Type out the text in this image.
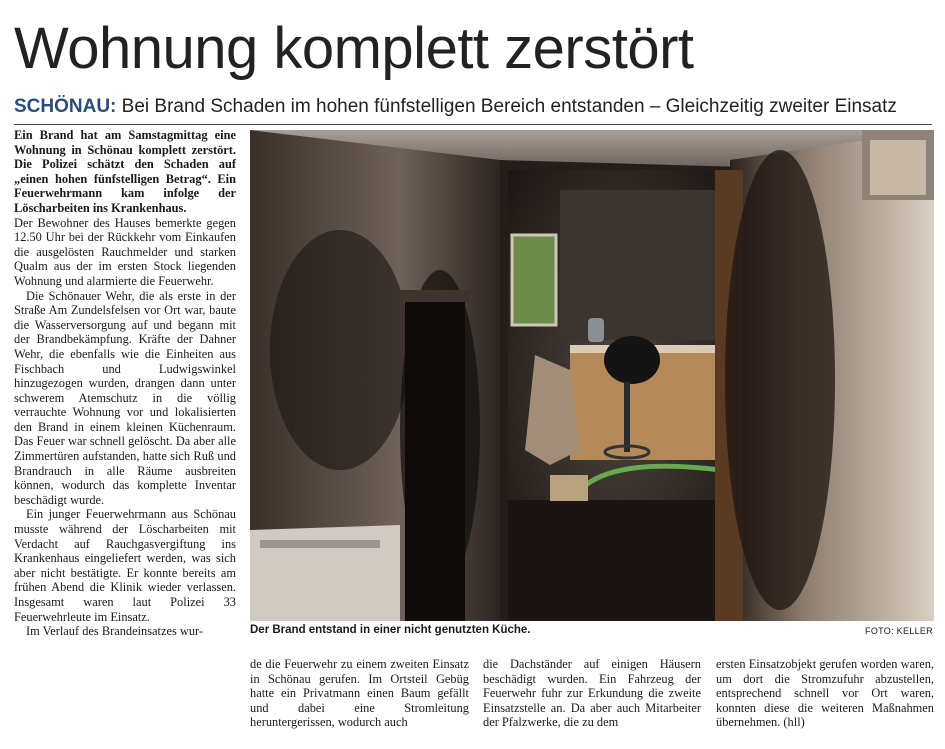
Wohnung komplett zerstört
SCHÖNAU: Bei Brand Schaden im hohen fünfstelligen Bereich entstanden – Gleichzeitig zweiter Einsatz

Ein Brand hat am Samstagmittag eine Wohnung in Schönau komplett zerstört. Die Polizei schätzt den Schaden auf „einen hohen fünfstelligen Betrag“. Ein Feuerwehrmann kam infolge der Löscharbeiten ins Krankenhaus.

Der Bewohner des Hauses bemerkte gegen 12.50 Uhr bei der Rückkehr vom Einkaufen die ausgelösten Rauchmelder und starken Qualm aus der im ersten Stock liegenden Wohnung und alarmierte die Feuerwehr.

Die Schönauer Wehr, die als erste in der Straße Am Zundelsfelsen vor Ort war, baute die Wasserversorgung auf und begann mit der Brandbekämpfung. Kräfte der Dahner Wehr, die ebenfalls wie die Einheiten aus Fischbach und Ludwigswinkel hinzugezogen wurden, drangen dann unter schwerem Atemschutz in die völlig verrauchte Wohnung vor und lokalisierten den Brand in einem kleinen Küchenraum. Das Feuer war schnell gelöscht. Da aber alle Zimmertüren aufstanden, hatte sich Ruß und Brandrauch in alle Räume ausbreiten können, wodurch das komplette Inventar beschädigt wurde.

Ein junger Feuerwehrmann aus Schönau musste während der Löscharbeiten mit Verdacht auf Rauchgasvergiftung ins Krankenhaus eingeliefert werden, was sich aber nicht bestätigte. Er konnte bereits am frühen Abend die Klinik wieder verlassen. Insgesamt waren laut Polizei 33 Feuerwehrleute im Einsatz.

Im Verlauf des Brandeinsatzes wur-	Der Brand entstand in einer nicht genutzten Küche.	FOTO: KELLER

de die Feuerwehr zu einem zweiten Einsatz in Schönau gerufen. Im Ortsteil Gebüg hatte ein Privatmann einen Baum gefällt und dabei eine Stromleitung heruntergerissen, wodurch auch

die Dachständer auf einigen Häusern beschädigt wurden. Ein Fahrzeug der Feuerwehr fuhr zur Erkundung die zweite Einsatzstelle an. Da aber auch Mitarbeiter der Pfalzwerke, die zu dem

ersten Einsatzobjekt gerufen worden waren, um dort die Stromzufuhr abzustellen, entsprechend schnell vor Ort waren, konnten diese die weiteren Maßnahmen übernehmen. (hll)
